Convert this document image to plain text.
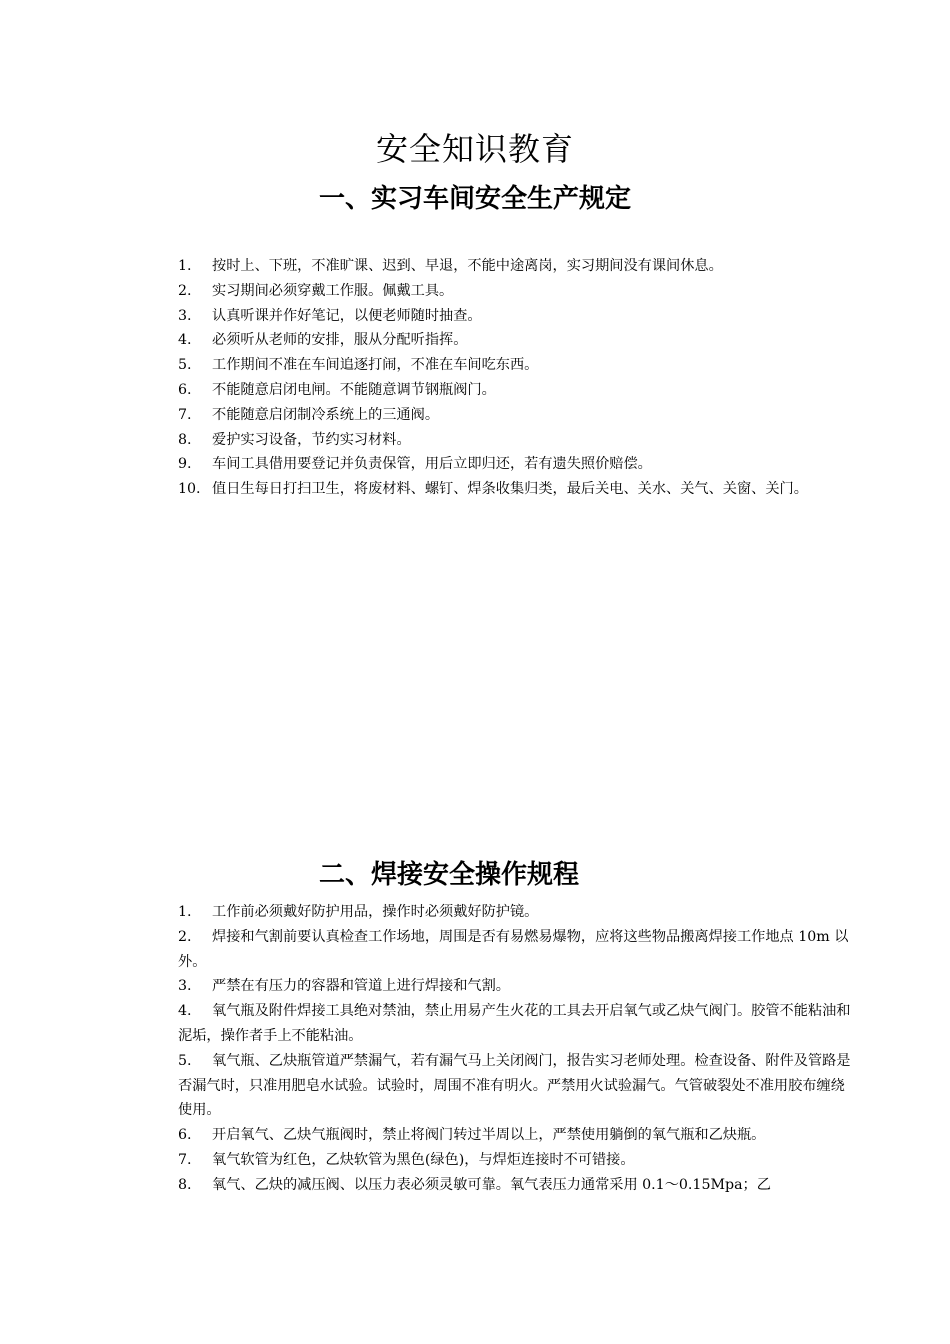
安全知识教育
一、实习车间安全生产规定
1. 按时上、下班，不准旷课、迟到、早退，不能中途离岗，实习期间没有课间休息。
2. 实习期间必须穿戴工作服。佩戴工具。
3. 认真听课并作好笔记，以便老师随时抽查。
4. 必须听从老师的安排，服从分配听指挥。
5. 工作期间不准在车间追逐打闹，不准在车间吃东西。
6. 不能随意启闭电闸。不能随意调节钢瓶阀门。
7. 不能随意启闭制冷系统上的三通阀。
8. 爱护实习设备，节约实习材料。
9. 车间工具借用要登记并负责保管，用后立即归还，若有遗失照价赔偿。
10. 值日生每日打扫卫生，将废材料、螺钉、焊条收集归类，最后关电、关水、关气、关窗、关门。
二、焊接安全操作规程
1. 工作前必须戴好防护用品，操作时必须戴好防护镜。
2. 焊接和气割前要认真检查工作场地，周围是否有易燃易爆物，应将这些物品搬离焊接工作地点 10m 以外。
3. 严禁在有压力的容器和管道上进行焊接和气割。
4. 氧气瓶及附件焊接工具绝对禁油，禁止用易产生火花的工具去开启氧气或乙炔气阀门。胶管不能粘油和泥垢，操作者手上不能粘油。
5. 氧气瓶、乙炔瓶管道严禁漏气，若有漏气马上关闭阀门，报告实习老师处理。检查设备、附件及管路是否漏气时，只准用肥皂水试验。试验时，周围不准有明火。严禁用火试验漏气。气管破裂处不准用胶布缠绕使用。
6. 开启氧气、乙炔气瓶阀时，禁止将阀门转过半周以上，严禁使用躺倒的氧气瓶和乙炔瓶。
7. 氧气软管为红色，乙炔软管为黑色(绿色)，与焊炬连接时不可错接。
8. 氧气、乙炔的减压阀、以压力表必须灵敏可靠。氧气表压力通常采用 0.1～0.15Mpa；乙
